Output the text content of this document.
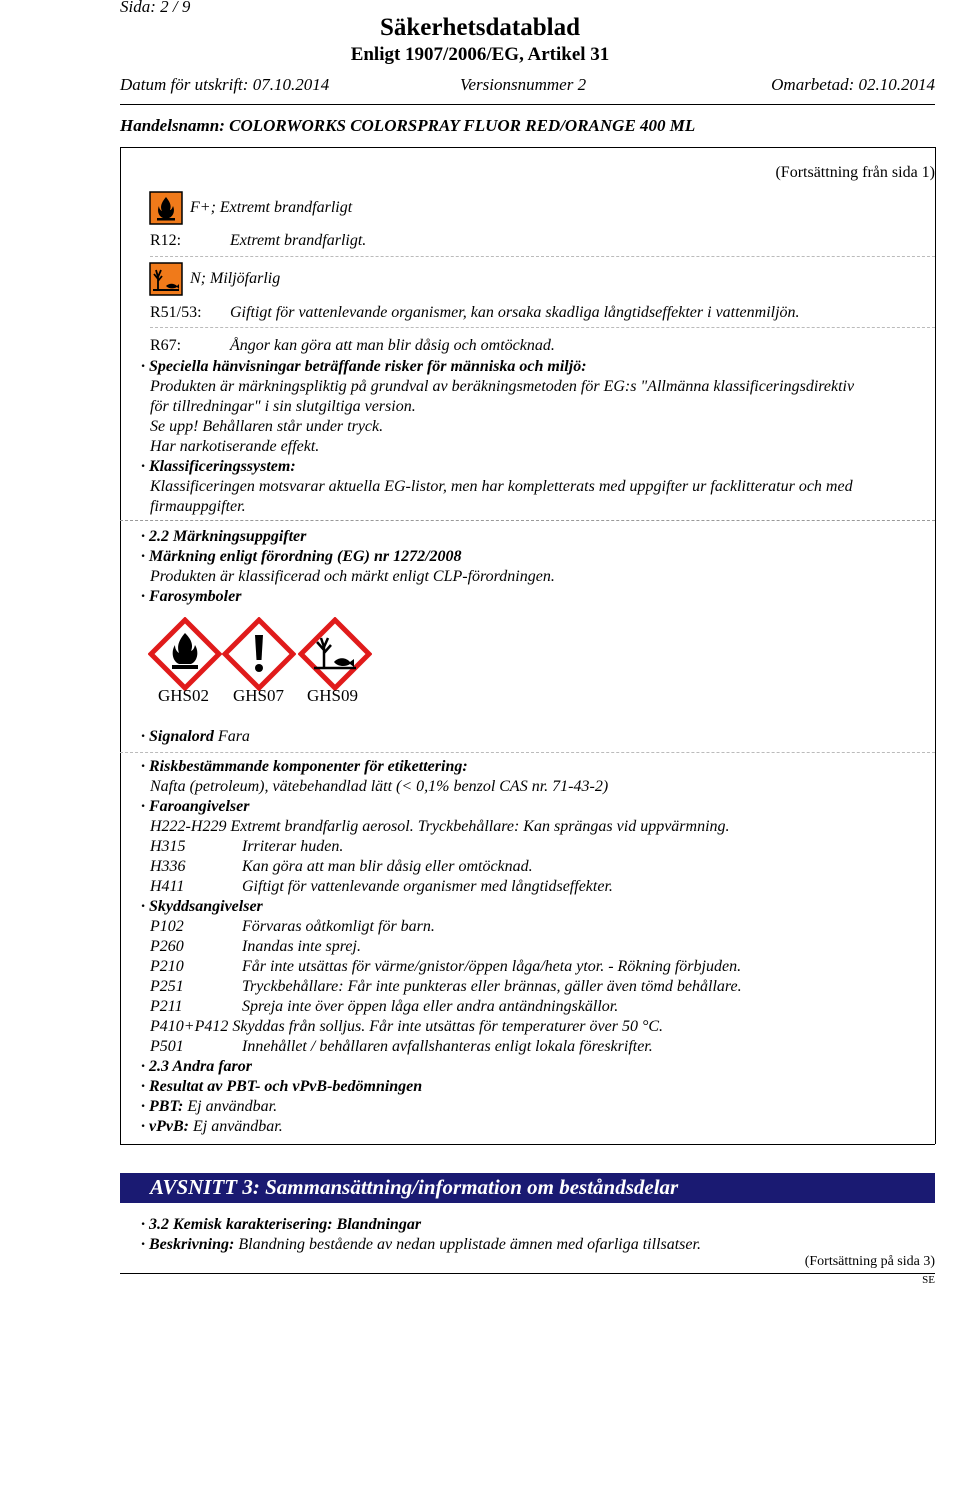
Sida: 2 / 9
Säkerhetsdatablad
Enligt 1907/2006/EG, Artikel 31
Datum för utskrift: 07.10.2014	Versionsnummer 2	Omarbetad: 02.10.2014
Handelsnamn: COLORWORKS COLORSPRAY FLUOR RED/ORANGE 400 ML
(Fortsättning från sida 1)
F+; Extremt brandfarligt
R12:	Extremt brandfarligt.
N; Miljöfarlig
R51/53: Giftigt för vattenlevande organismer, kan orsaka skadliga långtidseffekter i vattenmiljön.
R67:	Ångor kan göra att man blir dåsig och omtöcknad.
· Speciella hänvisningar beträffande risker för människa och miljö:
Produkten är märkningspliktig på grundval av beräkningsmetoden för EG:s "Allmänna klassificeringsdirektiv
för tillredningar" i sin slutgiltiga version.
Se upp! Behållaren står under tryck.
Har narkotiserande effekt.
· Klassificeringssystem:
Klassificeringen motsvarar aktuella EG-listor, men har kompletterats med uppgifter ur facklitteratur och med
firmauppgifter.
· 2.2 Märkningsuppgifter
· Märkning enligt förordning (EG) nr 1272/2008
Produkten är klassificerad och märkt enligt CLP-förordningen.
· Farosymboler
GHS02 GHS07 GHS09
· Signalord Fara
· Riskbestämmande komponenter för etikettering:
Nafta (petroleum), vätebehandlad lätt (< 0,1% benzol CAS nr. 71-43-2)
· Faroangivelser
H222-H229 Extremt brandfarlig aerosol. Tryckbehållare: Kan sprängas vid uppvärmning.
H315	Irriterar huden.
H336	Kan göra att man blir dåsig eller omtöcknad.
H411	Giftigt för vattenlevande organismer med långtidseffekter.
· Skyddsangivelser
P102	Förvaras oåtkomligt för barn.
P260	Inandas inte sprej.
P210	Får inte utsättas för värme/gnistor/öppen låga/heta ytor. - Rökning förbjuden.
P251	Tryckbehållare: Får inte punkteras eller brännas, gäller även tömd behållare.
P211	Spreja inte över öppen låga eller andra antändningskällor.
P410+P412 Skyddas från solljus. Får inte utsättas för temperaturer över 50 °C.
P501	Innehållet / behållaren avfallshanteras enligt lokala föreskrifter.
· 2.3 Andra faror
· Resultat av PBT- och vPvB-bedömningen
· PBT: Ej användbar.
· vPvB: Ej användbar.
AVSNITT 3: Sammansättning/information om beståndsdelar
· 3.2 Kemisk karakterisering: Blandningar
· Beskrivning: Blandning bestående av nedan upplistade ämnen med ofarliga tillsatser.
(Fortsättning på sida 3)
SE
